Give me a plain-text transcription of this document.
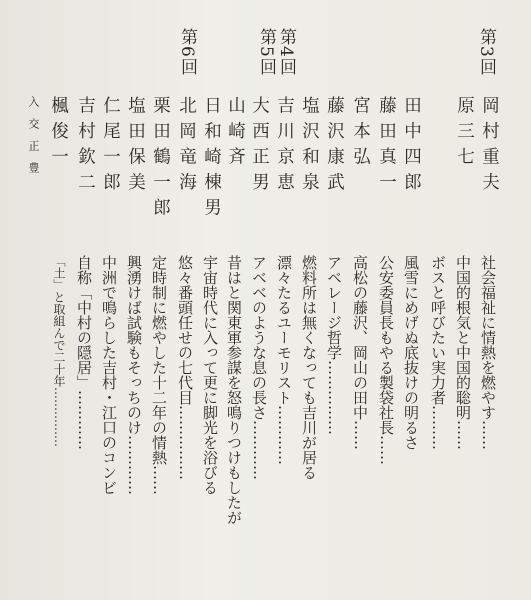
第3回
第4回
第5回
第6回
岡村重夫
原三七
田中四郎
藤田真一
宮本弘
藤沢康武
塩沢和泉
吉川京恵
大西正男
山崎斉
日和崎棟男
北岡竜海
栗田鶴一郎
塩田保美
仁尾一郎
吉村欽二
楓俊一
入交正豊
社会福祉に情熱を燃やす……
中国的根気と中国的聡明……
ボスと呼びたい実力者………
風雪にめげぬ底抜けの明るさ
公安委員長もやる製袋社長……
高松の藤沢、岡山の田中……
アベレージ哲学……………
燃料所は無くなっても吉川が居る
漂々たるユーモリスト…………
アベベのような息の長さ…………
昔はと関東軍参謀を怒鳴りつけもしたが
宇宙時代に入って更に脚光を浴びる
悠々番頭任せの七代目……………
定時制に燃やした十二年の情熱……
興湧けば試験もそっちのけ…………
中洲で鳴らした吉村・江口のコンビ
自称「中村の隠居」…………
「土」と取組んで二十年……………
